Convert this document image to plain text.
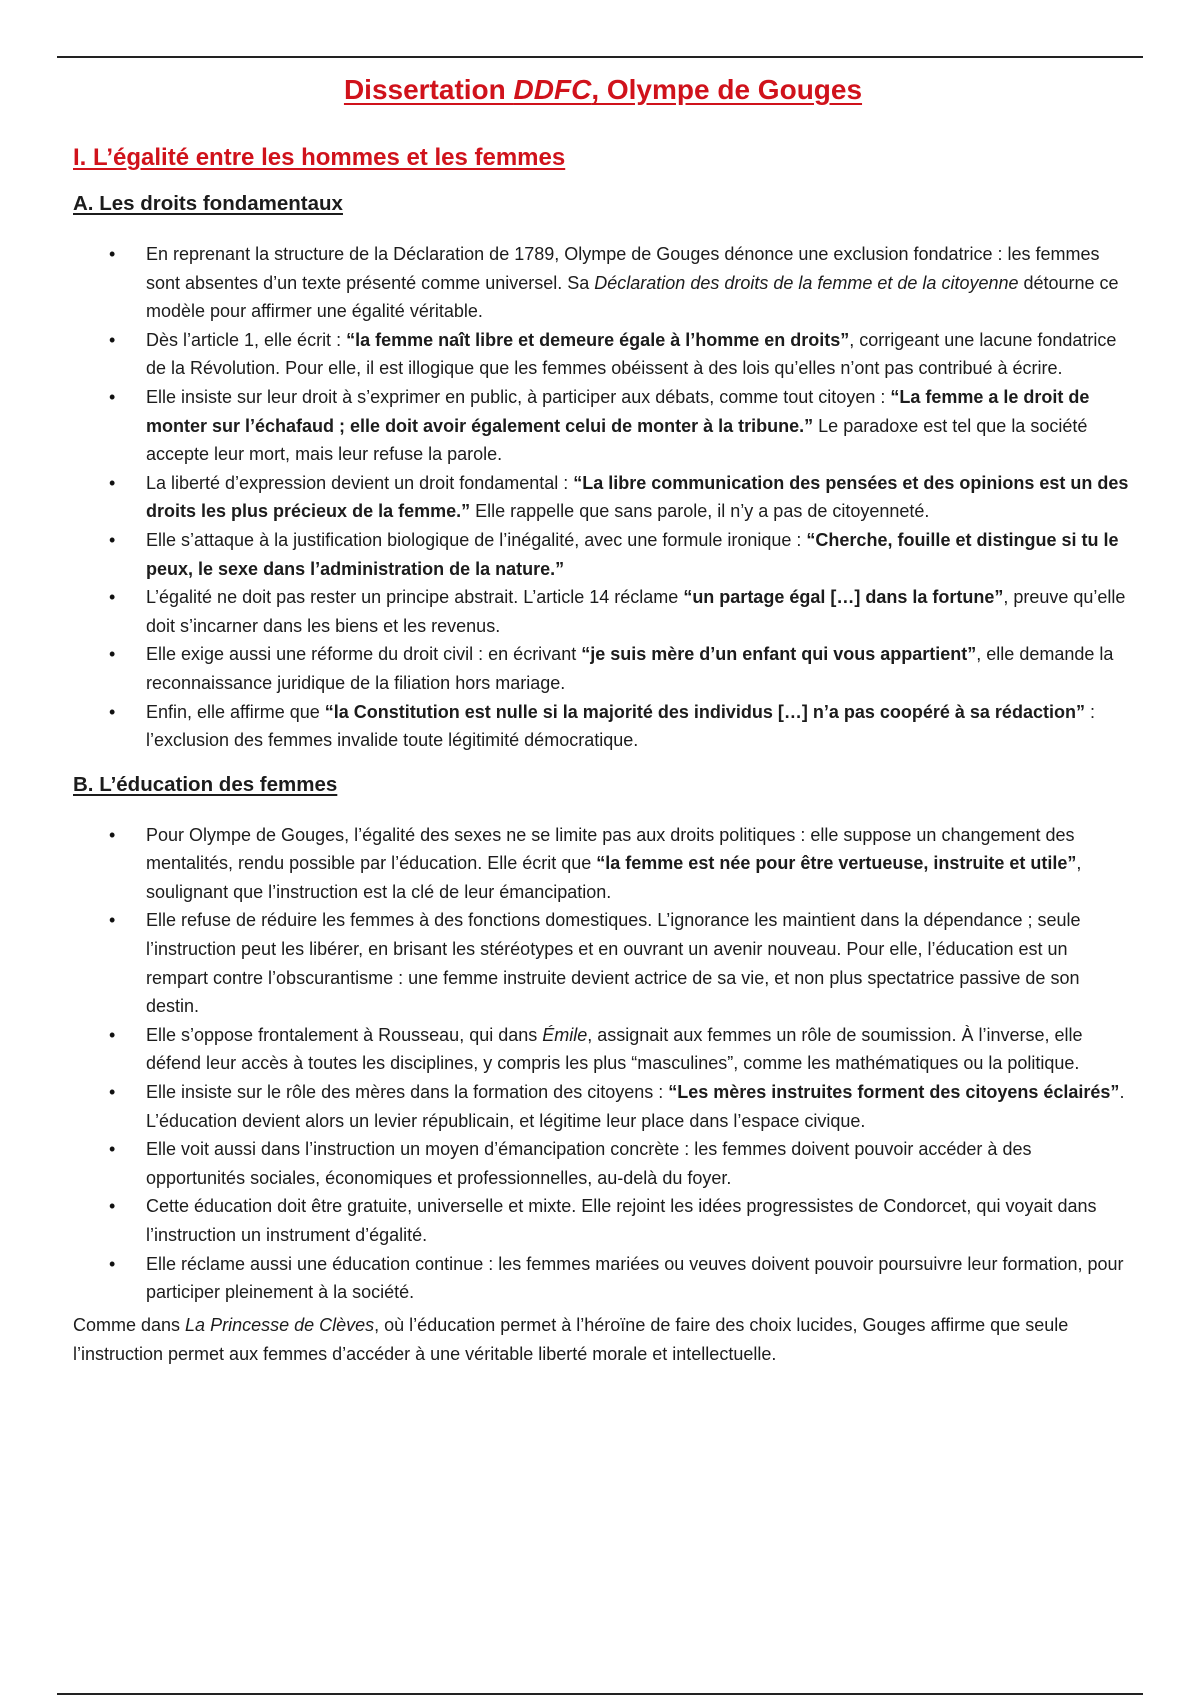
Dissertation DDFC, Olympe de Gouges
I. L’égalité entre les hommes et les femmes
A. Les droits fondamentaux
• En reprenant la structure de la Déclaration de 1789, Olympe de Gouges dénonce une exclusion fondatrice : les femmes sont absentes d’un texte présenté comme universel. Sa Déclaration des droits de la femme et de la citoyenne détourne ce modèle pour affirmer une égalité véritable.
• Dès l’article 1, elle écrit : “la femme naît libre et demeure égale à l’homme en droits”, corrigeant une lacune fondatrice de la Révolution. Pour elle, il est illogique que les femmes obéissent à des lois qu’elles n’ont pas contribué à écrire.
• Elle insiste sur leur droit à s’exprimer en public, à participer aux débats, comme tout citoyen : “La femme a le droit de monter sur l’échafaud ; elle doit avoir également celui de monter à la tribune.” Le paradoxe est tel que la société accepte leur mort, mais leur refuse la parole.
• La liberté d’expression devient un droit fondamental : “La libre communication des pensées et des opinions est un des droits les plus précieux de la femme.” Elle rappelle que sans parole, il n’y a pas de citoyenneté.
• Elle s’attaque à la justification biologique de l’inégalité, avec une formule ironique : “Cherche, fouille et distingue si tu le peux, le sexe dans l’administration de la nature.”
• L’égalité ne doit pas rester un principe abstrait. L’article 14 réclame “un partage égal […] dans la fortune”, preuve qu’elle doit s’incarner dans les biens et les revenus.
• Elle exige aussi une réforme du droit civil : en écrivant “je suis mère d’un enfant qui vous appartient”, elle demande la reconnaissance juridique de la filiation hors mariage.
• Enfin, elle affirme que “la Constitution est nulle si la majorité des individus […] n’a pas coopéré à sa rédaction” : l’exclusion des femmes invalide toute légitimité démocratique.
B. L’éducation des femmes
• Pour Olympe de Gouges, l’égalité des sexes ne se limite pas aux droits politiques : elle suppose un changement des mentalités, rendu possible par l’éducation. Elle écrit que “la femme est née pour être vertueuse, instruite et utile”, soulignant que l’instruction est la clé de leur émancipation.
• Elle refuse de réduire les femmes à des fonctions domestiques. L’ignorance les maintient dans la dépendance ; seule l’instruction peut les libérer, en brisant les stéréotypes et en ouvrant un avenir nouveau. Pour elle, l’éducation est un rempart contre l’obscurantisme : une femme instruite devient actrice de sa vie, et non plus spectatrice passive de son destin.
• Elle s’oppose frontalement à Rousseau, qui dans Émile, assignait aux femmes un rôle de soumission. À l’inverse, elle défend leur accès à toutes les disciplines, y compris les plus “masculines”, comme les mathématiques ou la politique.
• Elle insiste sur le rôle des mères dans la formation des citoyens : “Les mères instruites forment des citoyens éclairés”. L’éducation devient alors un levier républicain, et légitime leur place dans l’espace civique.
• Elle voit aussi dans l’instruction un moyen d’émancipation concrète : les femmes doivent pouvoir accéder à des opportunités sociales, économiques et professionnelles, au-delà du foyer.
• Cette éducation doit être gratuite, universelle et mixte. Elle rejoint les idées progressistes de Condorcet, qui voyait dans l’instruction un instrument d’égalité.
• Elle réclame aussi une éducation continue : les femmes mariées ou veuves doivent pouvoir poursuivre leur formation, pour participer pleinement à la société.

Comme dans La Princesse de Clèves, où l’éducation permet à l’héroïne de faire des choix lucides, Gouges affirme que seule l’instruction permet aux femmes d’accéder à une véritable liberté morale et intellectuelle.
